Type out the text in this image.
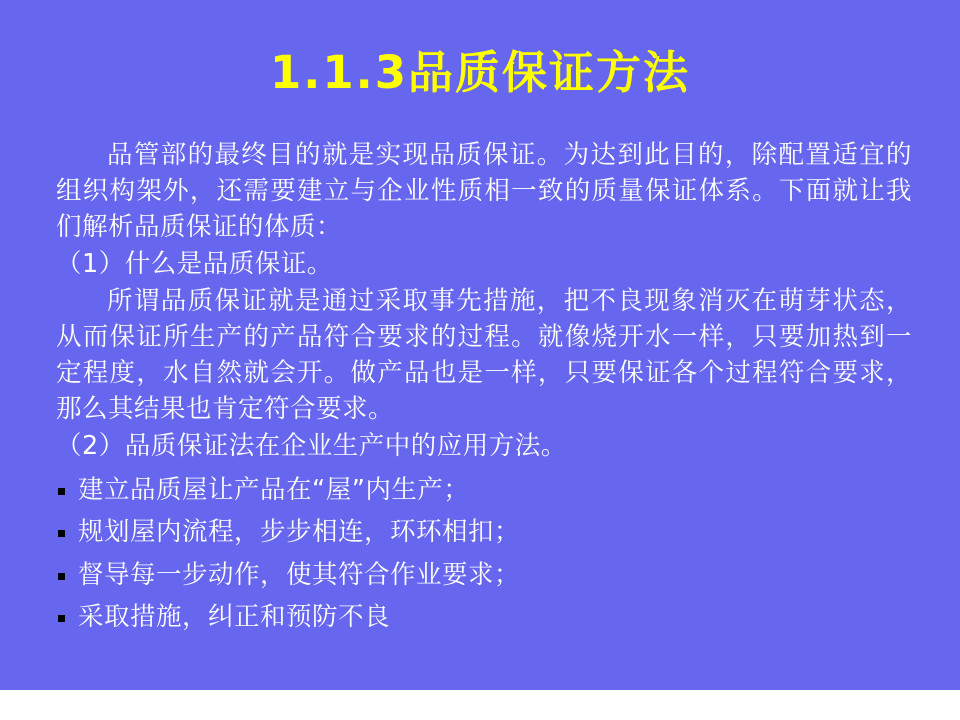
1.1.3品质保证方法

品管部的最终目的就是实现品质保证。为达到此目的，除配置适宜的组织构架外，还需要建立与企业性质相一致的质量保证体系。下面就让我们解析品质保证的体质：

（1）什么是品质保证。

所谓品质保证就是通过采取事先措施，把不良现象消灭在萌芽状态，从而保证所生产的产品符合要求的过程。就像烧开水一样，只要加热到一定程度，水自然就会开。做产品也是一样，只要保证各个过程符合要求，那么其结果也肯定符合要求。

（2）品质保证法在企业生产中的应用方法。

建立品质屋让产品在“屋”内生产；
规划屋内流程，步步相连，环环相扣；
督导每一步动作，使其符合作业要求；
采取措施，纠正和预防不良
